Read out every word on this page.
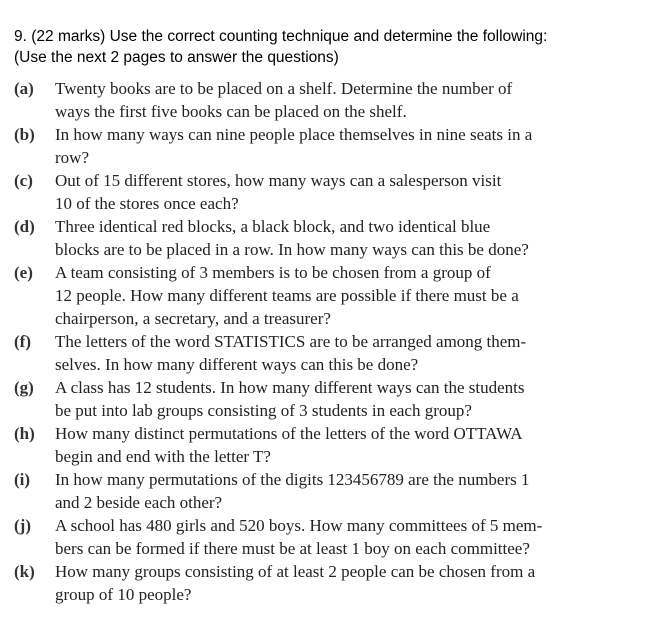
9. (22 marks) Use the correct counting technique and determine the following:
(Use the next 2 pages to answer the questions)
(a)	Twenty books are to be placed on a shelf. Determine the number of
ways the first five books can be placed on the shelf.
(b)	In how many ways can nine people place themselves in nine seats in a
row?
(c)	Out of 15 different stores, how many ways can a salesperson visit
10 of the stores once each?
(d)	Three identical red blocks, a black block, and two identical blue
blocks are to be placed in a row. In how many ways can this be done?
(e)	A team consisting of 3 members is to be chosen from a group of
12 people. How many different teams are possible if there must be a
chairperson, a secretary, and a treasurer?
(f)	The letters of the word STATISTICS are to be arranged among them-
selves. In how many different ways can this be done?
(g)	A class has 12 students. In how many different ways can the students
be put into lab groups consisting of 3 students in each group?
(h)	How many distinct permutations of the letters of the word OTTAWA
begin and end with the letter T?
(i)	In how many permutations of the digits 123456789 are the numbers 1
and 2 beside each other?
(j)	A school has 480 girls and 520 boys. How many committees of 5 mem-
bers can be formed if there must be at least 1 boy on each committee?
(k)	How many groups consisting of at least 2 people can be chosen from a
group of 10 people?
